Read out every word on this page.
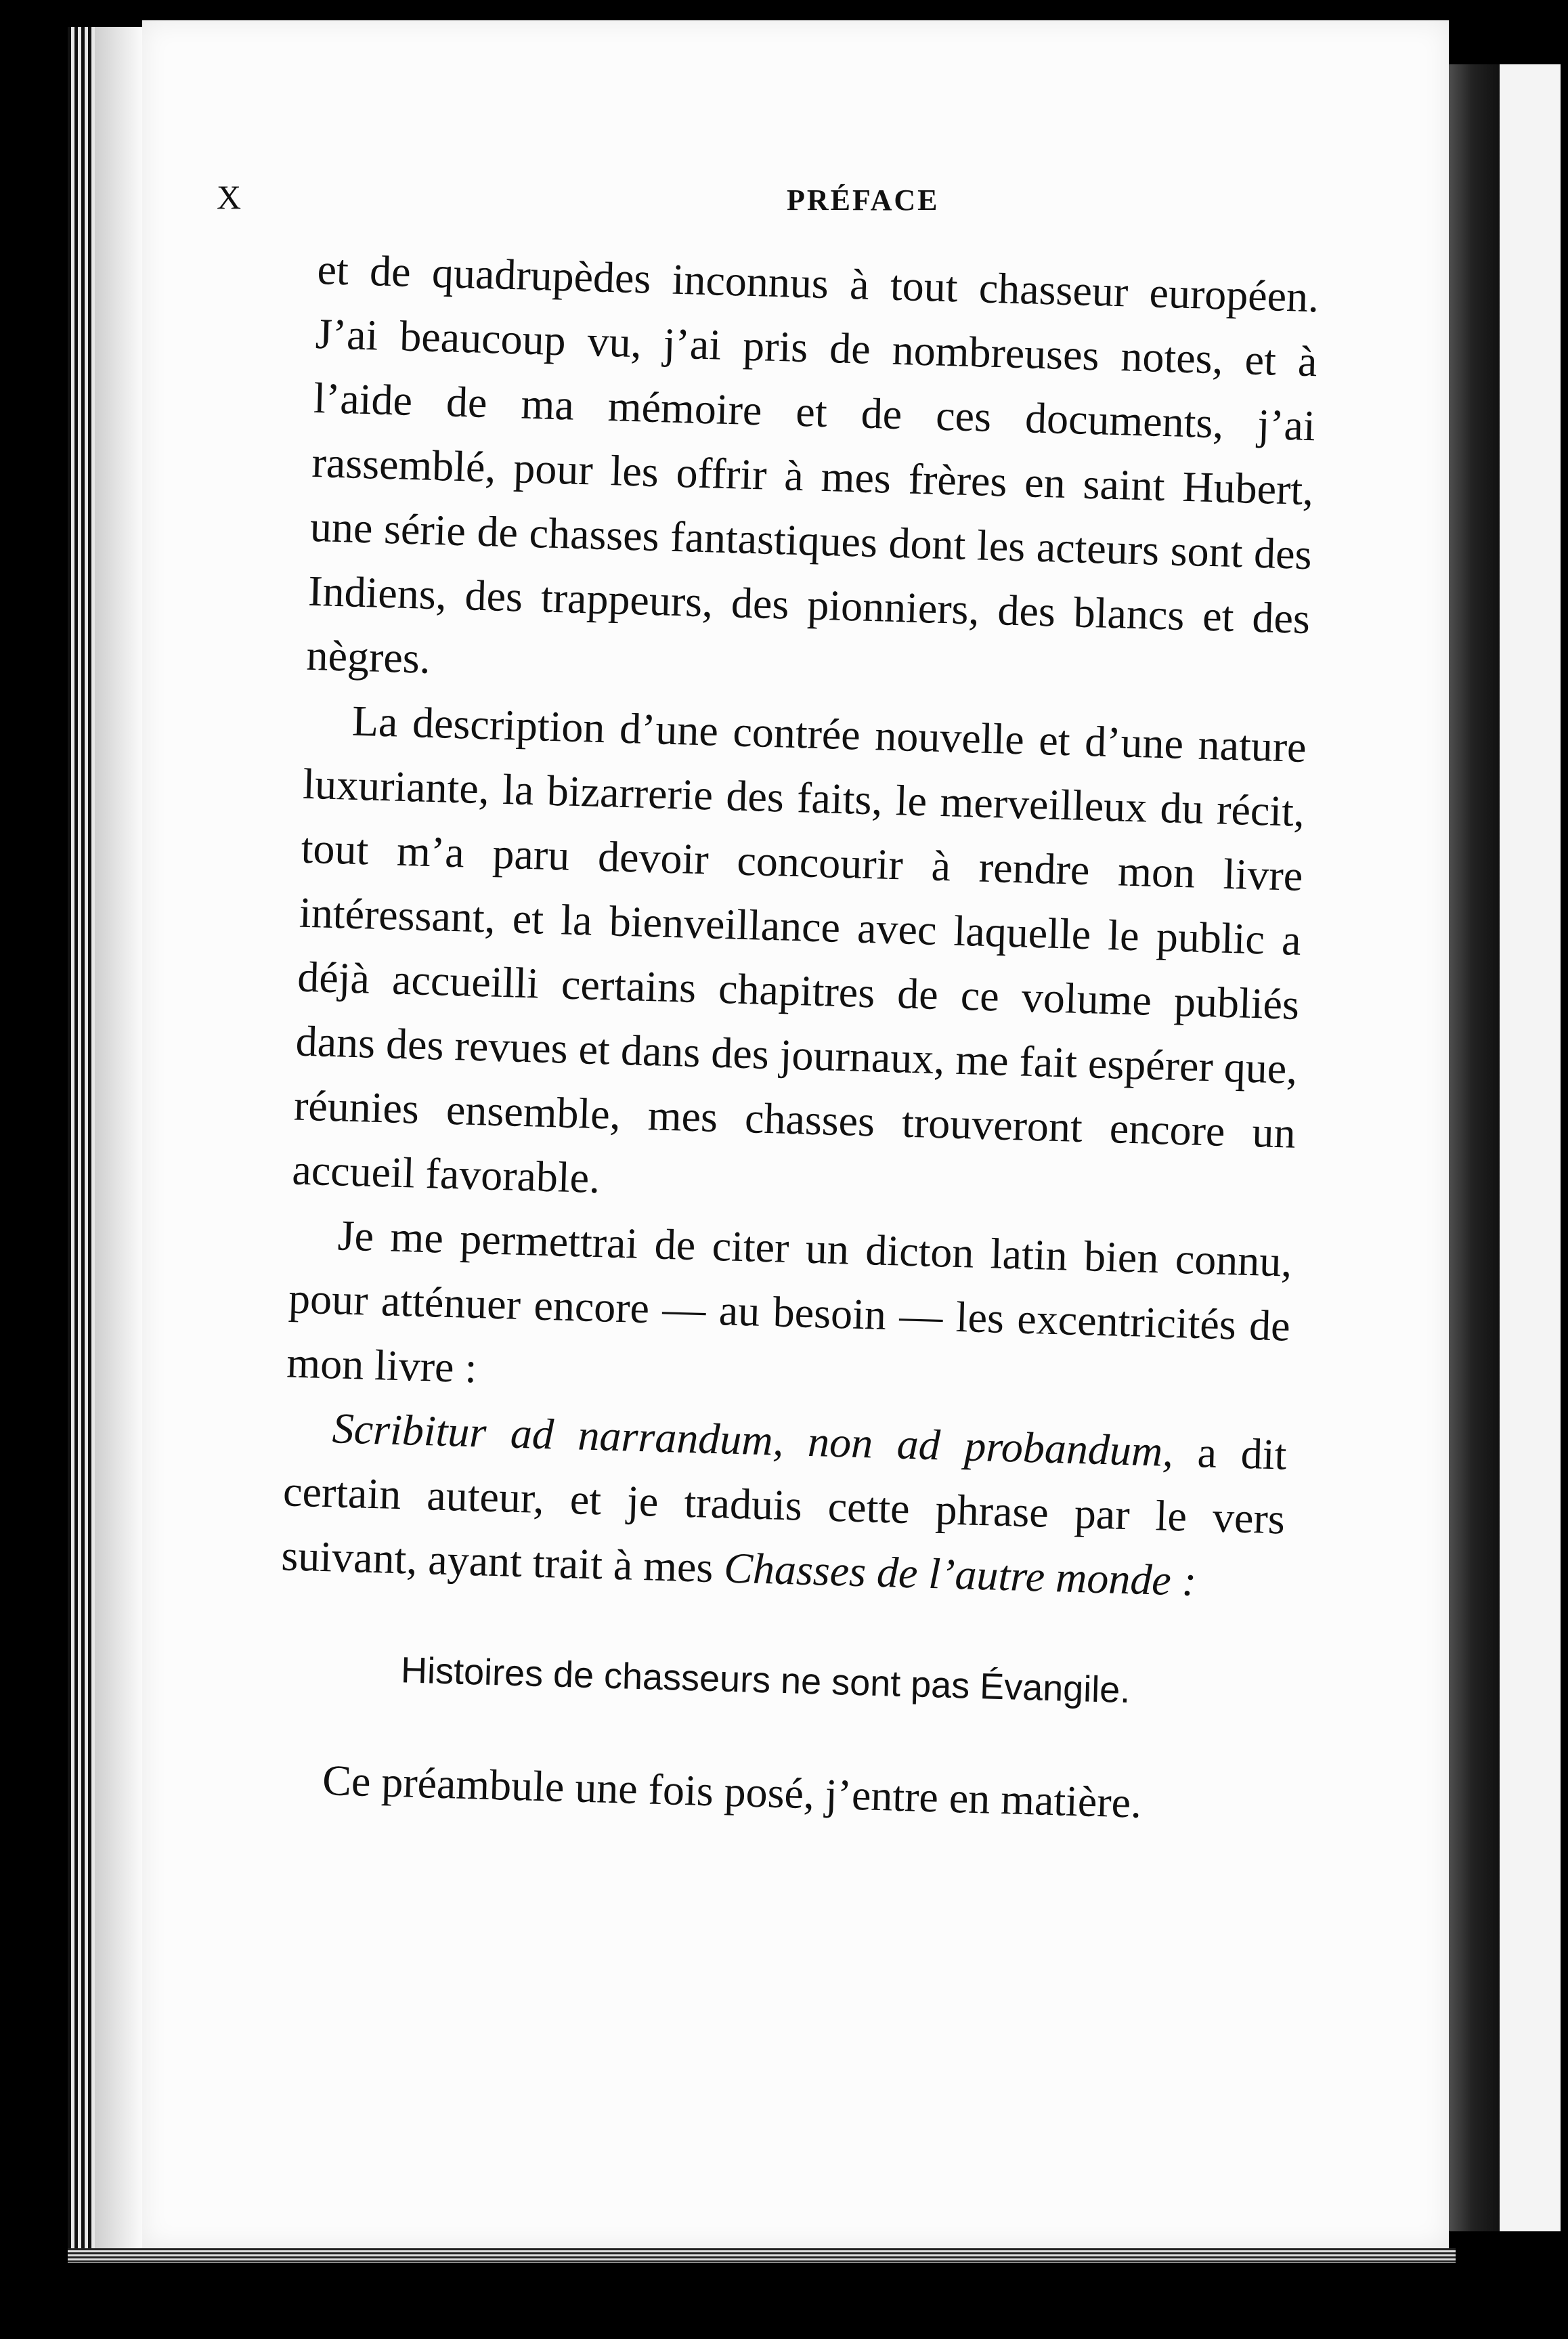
X	PRÉFACE

et de quadrupèdes inconnus à tout chasseur européen. J’ai beaucoup vu, j’ai pris de nombreuses notes, et à l’aide de ma mémoire et de ces documents, j’ai rassemblé, pour les offrir à mes frères en saint Hubert, une série de chasses fantastiques dont les acteurs sont des Indiens, des trappeurs, des pionniers, des blancs et des nègres.

La description d’une contrée nouvelle et d’une nature luxuriante, la bizarrerie des faits, le merveilleux du récit, tout m’a paru devoir concourir à rendre mon livre intéressant, et la bienveillance avec laquelle le public a déjà accueilli certains chapitres de ce volume publiés dans des revues et dans des journaux, me fait espérer que, réunies ensemble, mes chasses trouveront encore un accueil favorable.

Je me permettrai de citer un dicton latin bien connu, pour atténuer encore — au besoin — les excentricités de mon livre :

Scribitur ad narrandum, non ad probandum, a dit certain auteur, et je traduis cette phrase par le vers suivant, ayant trait à mes Chasses de l’autre monde :

Histoires de chasseurs ne sont pas Évangile.

Ce préambule une fois posé, j’entre en matière.
